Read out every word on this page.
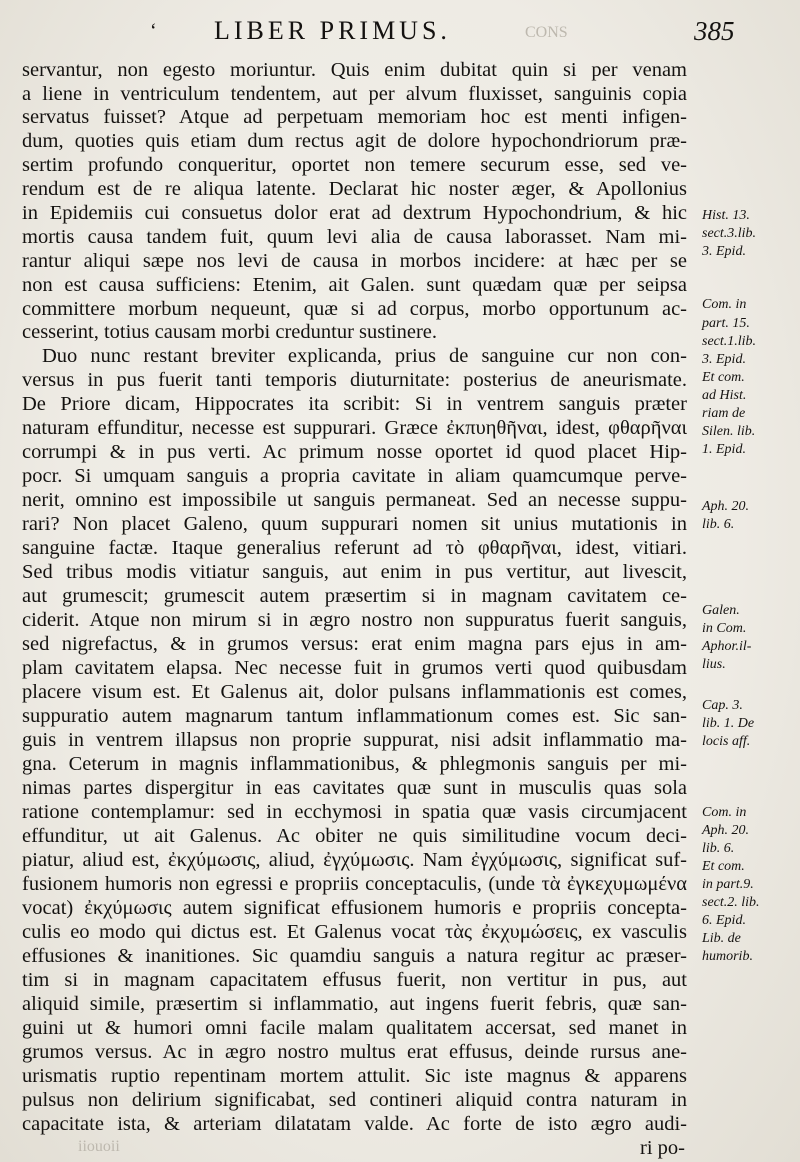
CONS
‘ LIBER PRIMUS.	385
servantur, non egesto moriuntur. Quis enim dubitat quin si per venam
a liene in ventriculum tendentem, aut per alvum fluxisset, sanguinis copia
servatus fuisset? Atque ad perpetuam memoriam hoc est menti infigen-
dum, quoties quis etiam dum rectus agit de dolore hypochondriorum præ-
sertim profundo conqueritur, oportet non temere securum esse, sed ve-
rendum est de re aliqua latente. Declarat hic noster æger, & Apollonius
in Epidemiis cui consuetus dolor erat ad dextrum Hypochondrium, & hic
mortis causa tandem fuit, quum levi alia de causa laborasset. Nam mi-
rantur aliqui sæpe nos levi de causa in morbos incidere: at hæc per se
non est causa sufficiens: Etenim, ait Galen. sunt quædam quæ per seipsa
committere morbum nequeunt, quæ si ad corpus, morbo opportunum ac-
cesserint, totius causam morbi creduntur sustinere.
Duo nunc restant breviter explicanda, prius de sanguine cur non con-
versus in pus fuerit tanti temporis diuturnitate: posterius de aneurismate.
De Priore dicam, Hippocrates ita scribit: Si in ventrem sanguis præter
naturam effunditur, necesse est suppurari. Græce ἐκπυηθῆναι, idest, φθαρῆναι
corrumpi & in pus verti. Ac primum nosse oportet id quod placet Hip-
pocr. Si umquam sanguis a propria cavitate in aliam quamcumque perve-
nerit, omnino est impossibile ut sanguis permaneat. Sed an necesse suppu-
rari? Non placet Galeno, quum suppurari nomen sit unius mutationis in
sanguine factæ. Itaque generalius referunt ad τὸ φθαρῆναι, idest, vitiari.
Sed tribus modis vitiatur sanguis, aut enim in pus vertitur, aut livescit,
aut grumescit; grumescit autem præsertim si in magnam cavitatem ce-
ciderit. Atque non mirum si in ægro nostro non suppuratus fuerit sanguis,
sed nigrefactus, & in grumos versus: erat enim magna pars ejus in am-
plam cavitatem elapsa. Nec necesse fuit in grumos verti quod quibusdam
placere visum est. Et Galenus ait, dolor pulsans inflammationis est comes,
suppuratio autem magnarum tantum inflammationum comes est. Sic san-
guis in ventrem illapsus non proprie suppurat, nisi adsit inflammatio ma-
gna. Ceterum in magnis inflammationibus, & phlegmonis sanguis per mi-
nimas partes dispergitur in eas cavitates quæ sunt in musculis quas sola
ratione contemplamur: sed in ecchymosi in spatia quæ vasis circumjacent
effunditur, ut ait Galenus. Ac obiter ne quis similitudine vocum deci-
piatur, aliud est, ἐκχύμωσις, aliud, ἐγχύμωσις. Nam ἐγχύμωσις, significat suf-
fusionem humoris non egressi e propriis conceptaculis, (unde τὰ ἐγκεχυμωμένα
vocat) ἐκχύμωσις autem significat effusionem humoris e propriis concepta-
culis eo modo qui dictus est. Et Galenus vocat τὰς ἐκχυμώσεις, ex vasculis
effusiones & inanitiones. Sic quamdiu sanguis a natura regitur ac præser-
tim si in magnam capacitatem effusus fuerit, non vertitur in pus, aut
aliquid simile, præsertim si inflammatio, aut ingens fuerit febris, quæ san-
guini ut & humori omni facile malam qualitatem accersat, sed manet in
grumos versus. Ac in ægro nostro multus erat effusus, deinde rursus ane-
urismatis ruptio repentinam mortem attulit. Sic iste magnus & apparens
pulsus non delirium significabat, sed contineri aliquid contra naturam in
capacitate ista, & arteriam dilatatam valde. Ac forte de isto ægro audi-
ri po-
Hist. 13.
sect.3.lib.
3. Epid.
Com. in
part. 15.
sect.1.lib.
3. Epid.
Et com.
ad Hist.
riam de
Silen. lib.
1. Epid.
Aph. 20.
lib. 6.
Galen.
in Com.
Aphor.il-
lius.
Cap. 3.
lib. 1. De
locis aff.
Com. in
Aph. 20.
lib. 6.
Et com.
in part.9.
sect.2. lib.
6. Epid.
Lib. de
humorib.
iiouoii
